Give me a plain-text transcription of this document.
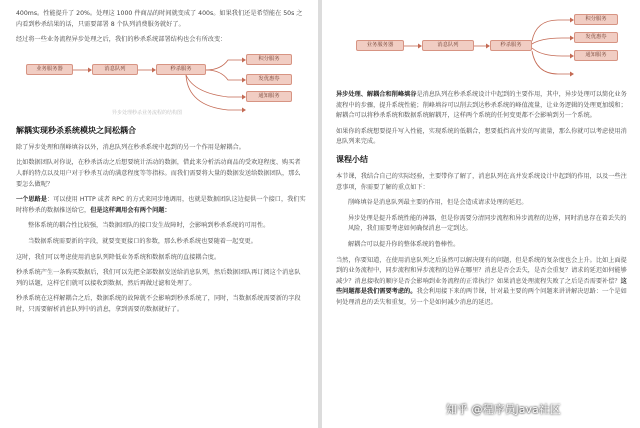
400ms。性能提升了 20%。处理这 1000 件商品的时间就变成了 400s。如果我们还是希望能在 50s 之内看到秒杀结果的话，只需要部署 8 个队列消费服务就好了。
经过将一些业务流程异步处理之后，我们的秒杀系统部署结构也会有所改变：
业务服务器	消息队列	秒杀服务
积分服务
发优惠券
通知服务
异步处理秒杀业务流程的结构图
解耦实现秒杀系统模块之间松耦合
除了异步处理和削峰填谷以外，消息队列在秒杀系统中起到的另一个作用是解耦合。
比如数据团队对你说，在秒杀活动之后想要统计活动的数据，借此来分析活动商品的受欢迎程度、购买者人群的特点以及用户对于秒杀互动的满意程度等等指标。而我们需要将大量的数据发送给数据团队，那么要怎么做呢？
一个思路是：可以使用 HTTP 或者 RPC 的方式来同步地调用，也就是数据团队这边提供一个接口，我们实时将秒杀的数据推送给它，但是这样调用会有两个问题：
整体系统的耦合性比较强，当数据团队的接口发生故障时，会影响到秒杀系统的可用性。
当数据系统需要新的字段，就要变更接口的参数，那么秒杀系统也要随着一起变更。
这时，我们可以考虑使用消息队列降低业务系统和数据系统的直接耦合度。
秒杀系统产生一条购买数据后，我们可以先把全部数据发送给消息队列，然后数据团队再订阅这个消息队列的话题，这样它们就可以接收到数据，然后再做过滤和处理了。
秒杀系统在这样解耦合之后，数据系统的故障就不会影响到秒杀系统了，同时，当数据系统需要新的字段时，只需要解析消息队列中的消息，拿到需要的数据就好了。
业务服务器	消息队列	秒杀服务
积分服务
发优惠券
通知服务
异步处理、解耦合和削峰填谷是消息队列在秒杀系统设计中起到的主要作用，其中，异步处理可以简化业务流程中的步骤，提升系统性能；削峰填谷可以削去到达秒杀系统的峰值流量，让业务逻辑的处理更加缓和；解耦合可以将秒杀系统和数据系统解耦开，这样两个系统的任何变更都不会影响到另一个系统。
如果你的系统想要提升写入性能，实现系统的低耦合，想要抵挡高并发的写流量，那么你就可以考虑使用消息队列来完成。
课程小结
本节课，我结合自己的实际经验，主要带你了解了，消息队列在高并发系统设计中起到的作用，以及一些注意事项，你需要了解的重点如下：
削峰填谷是消息队列最主要的作用，但是会造成请求处理的延迟。
异步处理是提升系统性能的神器，但是你需要分清同步流程和异步流程的边界，同时消息存在着丢失的风险，我们需要考虑如何确保消息一定到达。
解耦合可以提升你的整体系统的鲁棒性。
当然，你要知道，在使用消息队列之后虽然可以解决现有的问题，但是系统的复杂度也会上升。比如上面提到的业务流程中，同步流程和异步流程的边界在哪里？消息是否会丢失，是否会重复？请求的延迟如何能够减少？消息接收的顺序是否会影响到业务流程的正常执行？如果消息处理流程失败了之后是否需要补偿？这些问题都是我们需要考虑的。我会利用接下来的两节课，针对最主要的两个问题来讲讲解决思路：一个是如何处理消息的丢失和重复，另一个是如何减少消息的延迟。
知乎 @程序员Java社区
